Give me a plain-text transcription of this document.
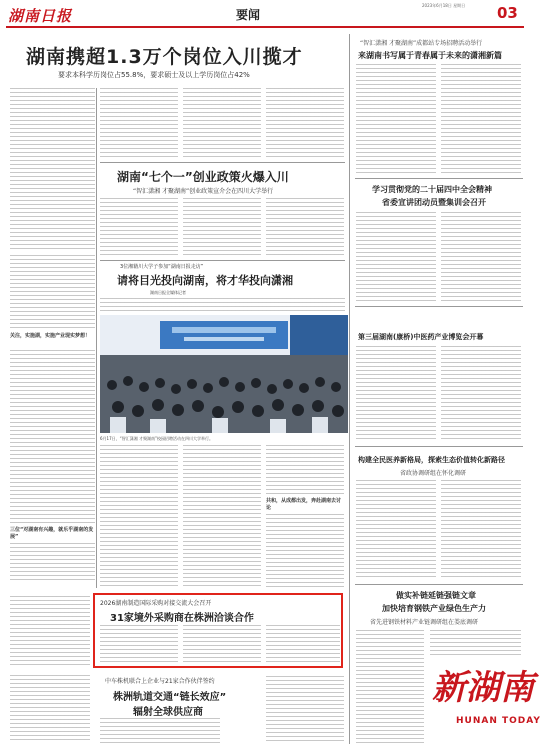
湖南日报	要闻
2023年6月18日 星期日	03
关注，实施湖，实施产业现实梦想！
三位“对湖南有兴趣，就乐乎湖南的发展”
湖南携超1.3万个岗位入川揽才
要求本科学历岗位占55.8%，要求硕士及以上学历岗位占42%
湖南“七个一”创业政策火爆入川
“智汇潇湘 才聚湖南”创业政策宣介会在四川大学举行
3位湘籍川大学子参加“湖南日报走访”
请将目光投向湖南，将才华投向潇湘
湖南日报全媒体记者
6月17日，“智汇潇湘 才聚湖南”校园招聘活动在四川大学举行。
共和，从成都出发，奔赴湖南去讨论
2026湖南制造国际采购对接交流大会召开
31家境外采购商在株洲洽谈合作
中车株机联合上企业与21家合作伙伴签约
株洲轨道交通“链长效应”
辐射全球供应商
“智汇潇湘 才聚湖南”成都站专场招聘活动举行
来湖南书写属于青春属于未来的潇湘新篇
学习贯彻党的二十届四中全会精神
省委宣讲团动员暨集训会召开
第三届湖南(康桥)中医药产业博览会开幕
构建全民医养新格局，探索生态价值转化新路径
省政协调研组在怀化调研
做实补链延链强链文章
加快培育钢铁产业绿色生产力
省先进钢铁材料产业链调研组在娄底调研
新湖南
HUNAN TODAY
